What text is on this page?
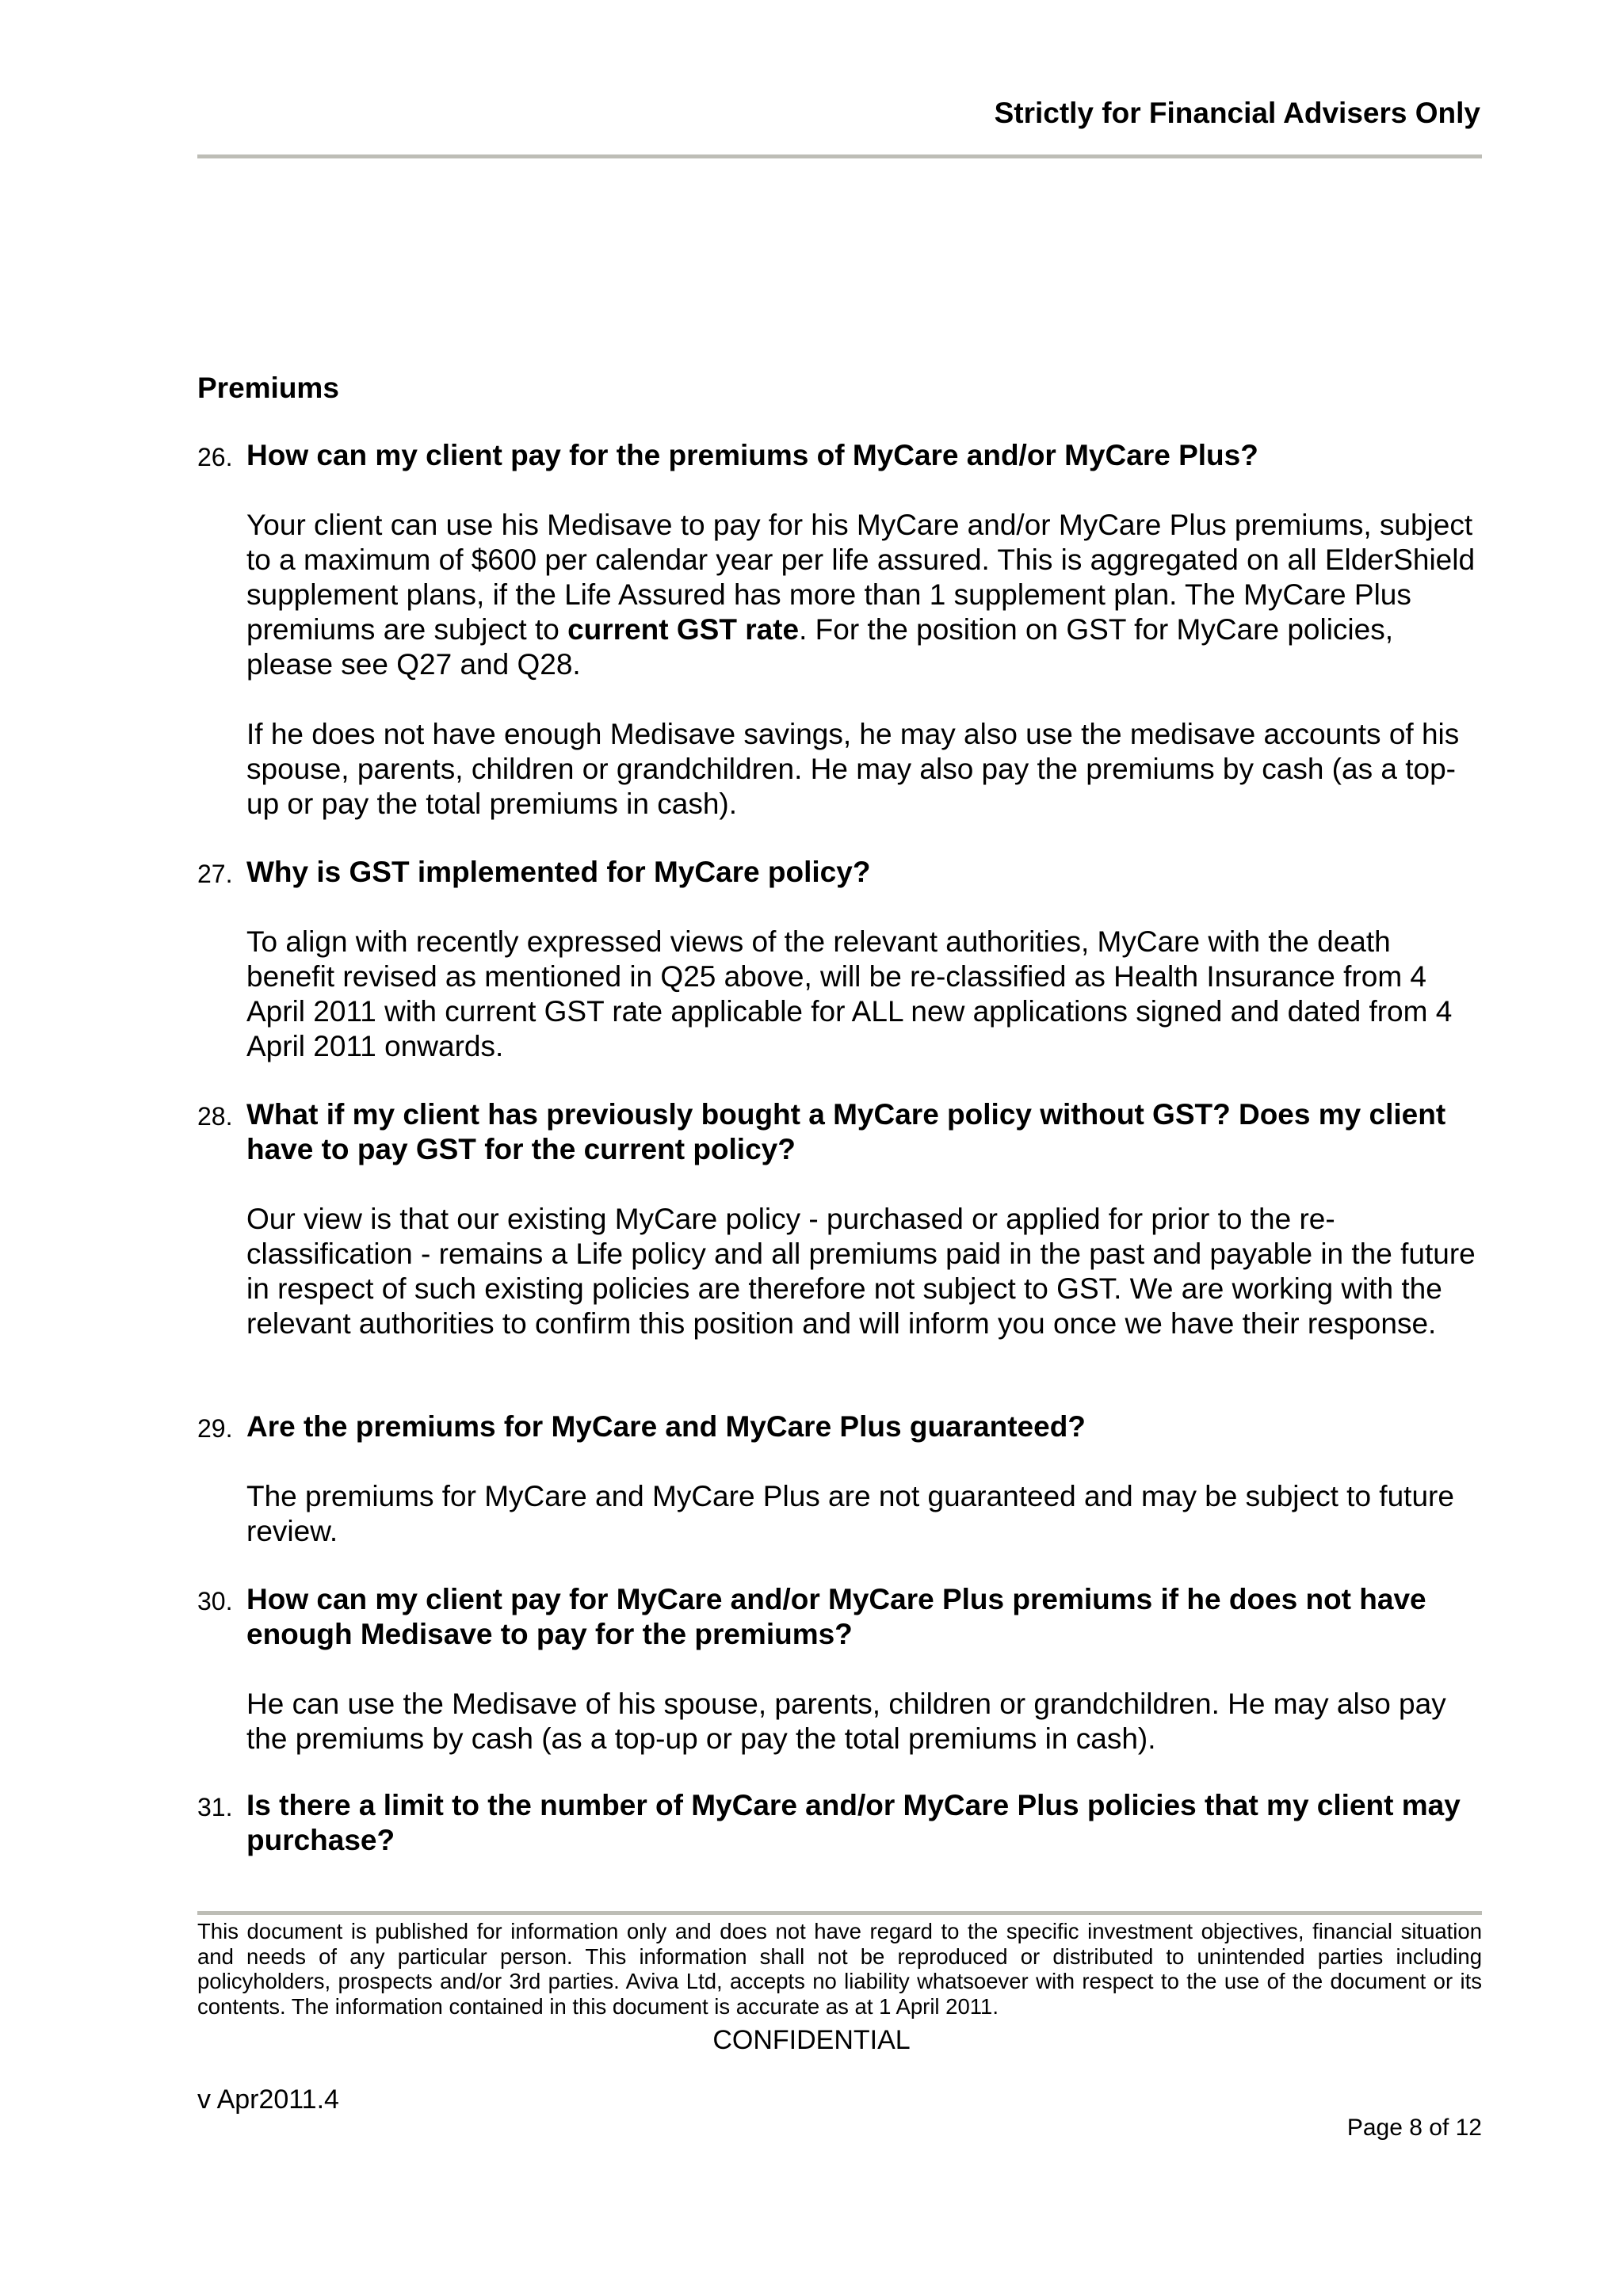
Strictly for Financial Advisers Only
Premiums
26. How can my client pay for the premiums of MyCare and/or MyCare Plus?

Your client can use his Medisave to pay for his MyCare and/or MyCare Plus premiums, subject to a maximum of $600 per calendar year per life assured. This is aggregated on all ElderShield supplement plans, if the Life Assured has more than 1 supplement plan. The MyCare Plus premiums are subject to current GST rate. For the position on GST for MyCare policies, please see Q27 and Q28.

If he does not have enough Medisave savings, he may also use the medisave accounts of his spouse, parents, children or grandchildren. He may also pay the premiums by cash (as a top-up or pay the total premiums in cash).

27. Why is GST implemented for MyCare policy?

To align with recently expressed views of the relevant authorities, MyCare with the death benefit revised as mentioned in Q25 above, will be re-classified as Health Insurance from 4 April 2011 with current GST rate applicable for ALL new applications signed and dated from 4 April 2011 onwards.

28. What if my client has previously bought a MyCare policy without GST? Does my client have to pay GST for the current policy?

Our view is that our existing MyCare policy - purchased or applied for prior to the re-classification - remains a Life policy and all premiums paid in the past and payable in the future in respect of such existing policies are therefore not subject to GST. We are working with the relevant authorities to confirm this position and will inform you once we have their response.

29. Are the premiums for MyCare and MyCare Plus guaranteed?

The premiums for MyCare and MyCare Plus are not guaranteed and may be subject to future review.

30. How can my client pay for MyCare and/or MyCare Plus premiums if he does not have enough Medisave to pay for the premiums?

He can use the Medisave of his spouse, parents, children or grandchildren. He may also pay the premiums by cash (as a top-up or pay the total premiums in cash).

31. Is there a limit to the number of MyCare and/or MyCare Plus policies that my client may purchase?
This document is published for information only and does not have regard to the specific investment objectives, financial situation and needs of any particular person. This information shall not be reproduced or distributed to unintended parties including policyholders, prospects and/or 3rd parties. Aviva Ltd, accepts no liability whatsoever with respect to the use of the document or its contents. The information contained in this document is accurate as at 1 April 2011.
CONFIDENTIAL
v Apr2011.4
Page 8 of 12
